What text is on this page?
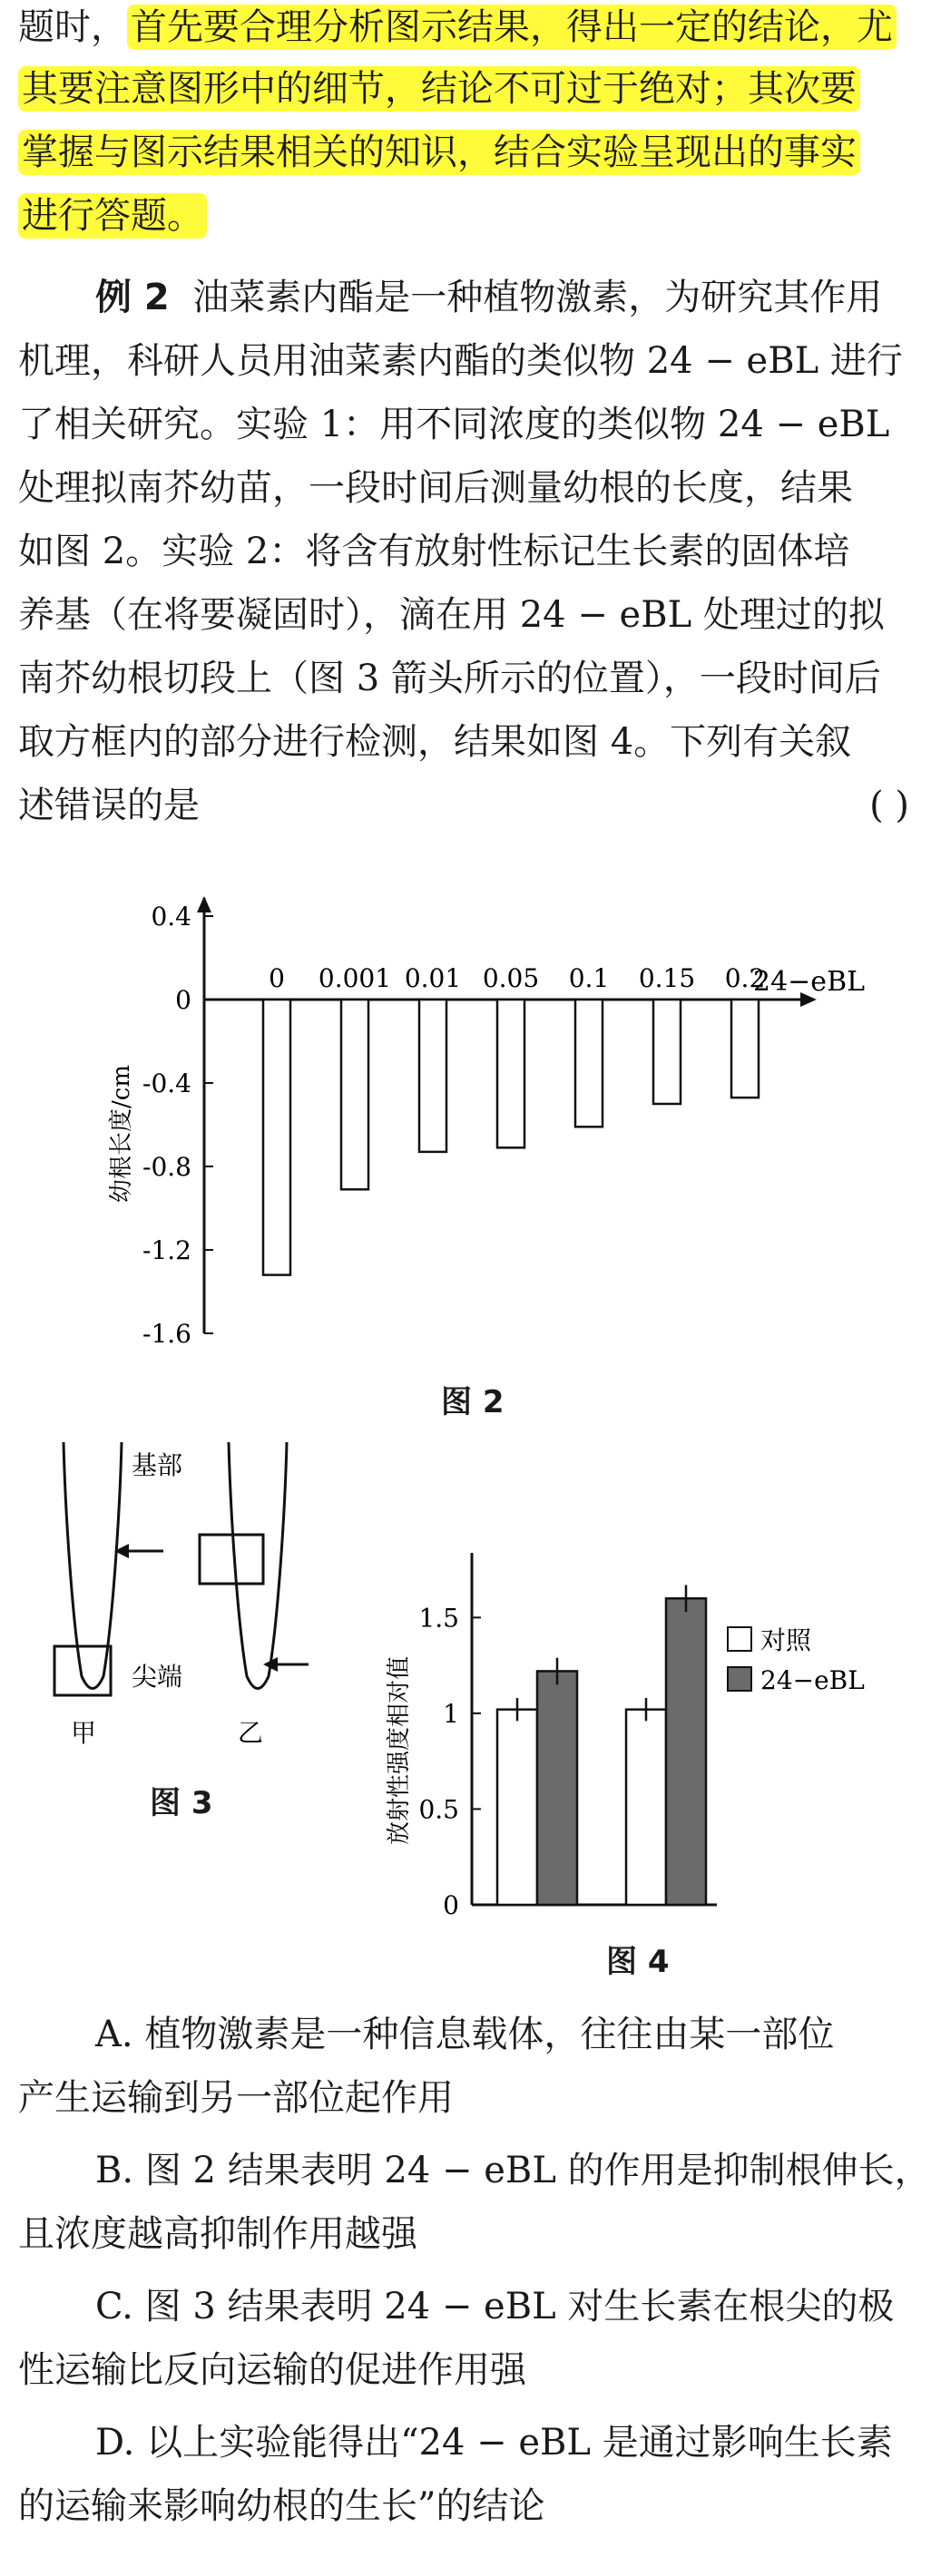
题时， 首先要合理分析图示结果，得出一定的结论，尤
其要注意图形中的细节，结论不可过于绝对；其次要
掌握与图示结果相关的知识，结合实验呈现出的事实
进行答题。
例 2 油菜素内酯是一种植物激素，为研究其作用
机理，科研人员用油菜素内酯的类似物 24 − eBL 进行
了相关研究。实验 1：用不同浓度的类似物 24 − eBL
处理拟南芥幼苗，一段时间后测量幼根的长度，结果
如图 2。实验 2：将含有放射性标记生长素的固体培
养基（在将要凝固时），滴在用 24 − eBL 处理过的拟
南芥幼根切段上（图 3 箭头所示的位置），一段时间后
取方框内的部分进行检测，结果如图 4。下列有关叙
述错误的是	( )
0.4
0
-0.4
-0.8
-1.2
-1.6
0 0.001 0.01 0.05 0.1 0.15 0.2
幼根长度/cm
24−eBL
图 2
基部
尖端
甲	乙
图 3
0
0.5
1
1.5
对照
24−eBL
放射性强度相对值
图 4
A. 植物激素是一种信息载体，往往由某一部位
产生运输到另一部位起作用
B. 图 2 结果表明 24 − eBL 的作用是抑制根伸长，
且浓度越高抑制作用越强
C. 图 3 结果表明 24 − eBL 对生长素在根尖的极
性运输比反向运输的促进作用强
D. 以上实验能得出“24 − eBL 是通过影响生长素
的运输来影响幼根的生长”的结论
